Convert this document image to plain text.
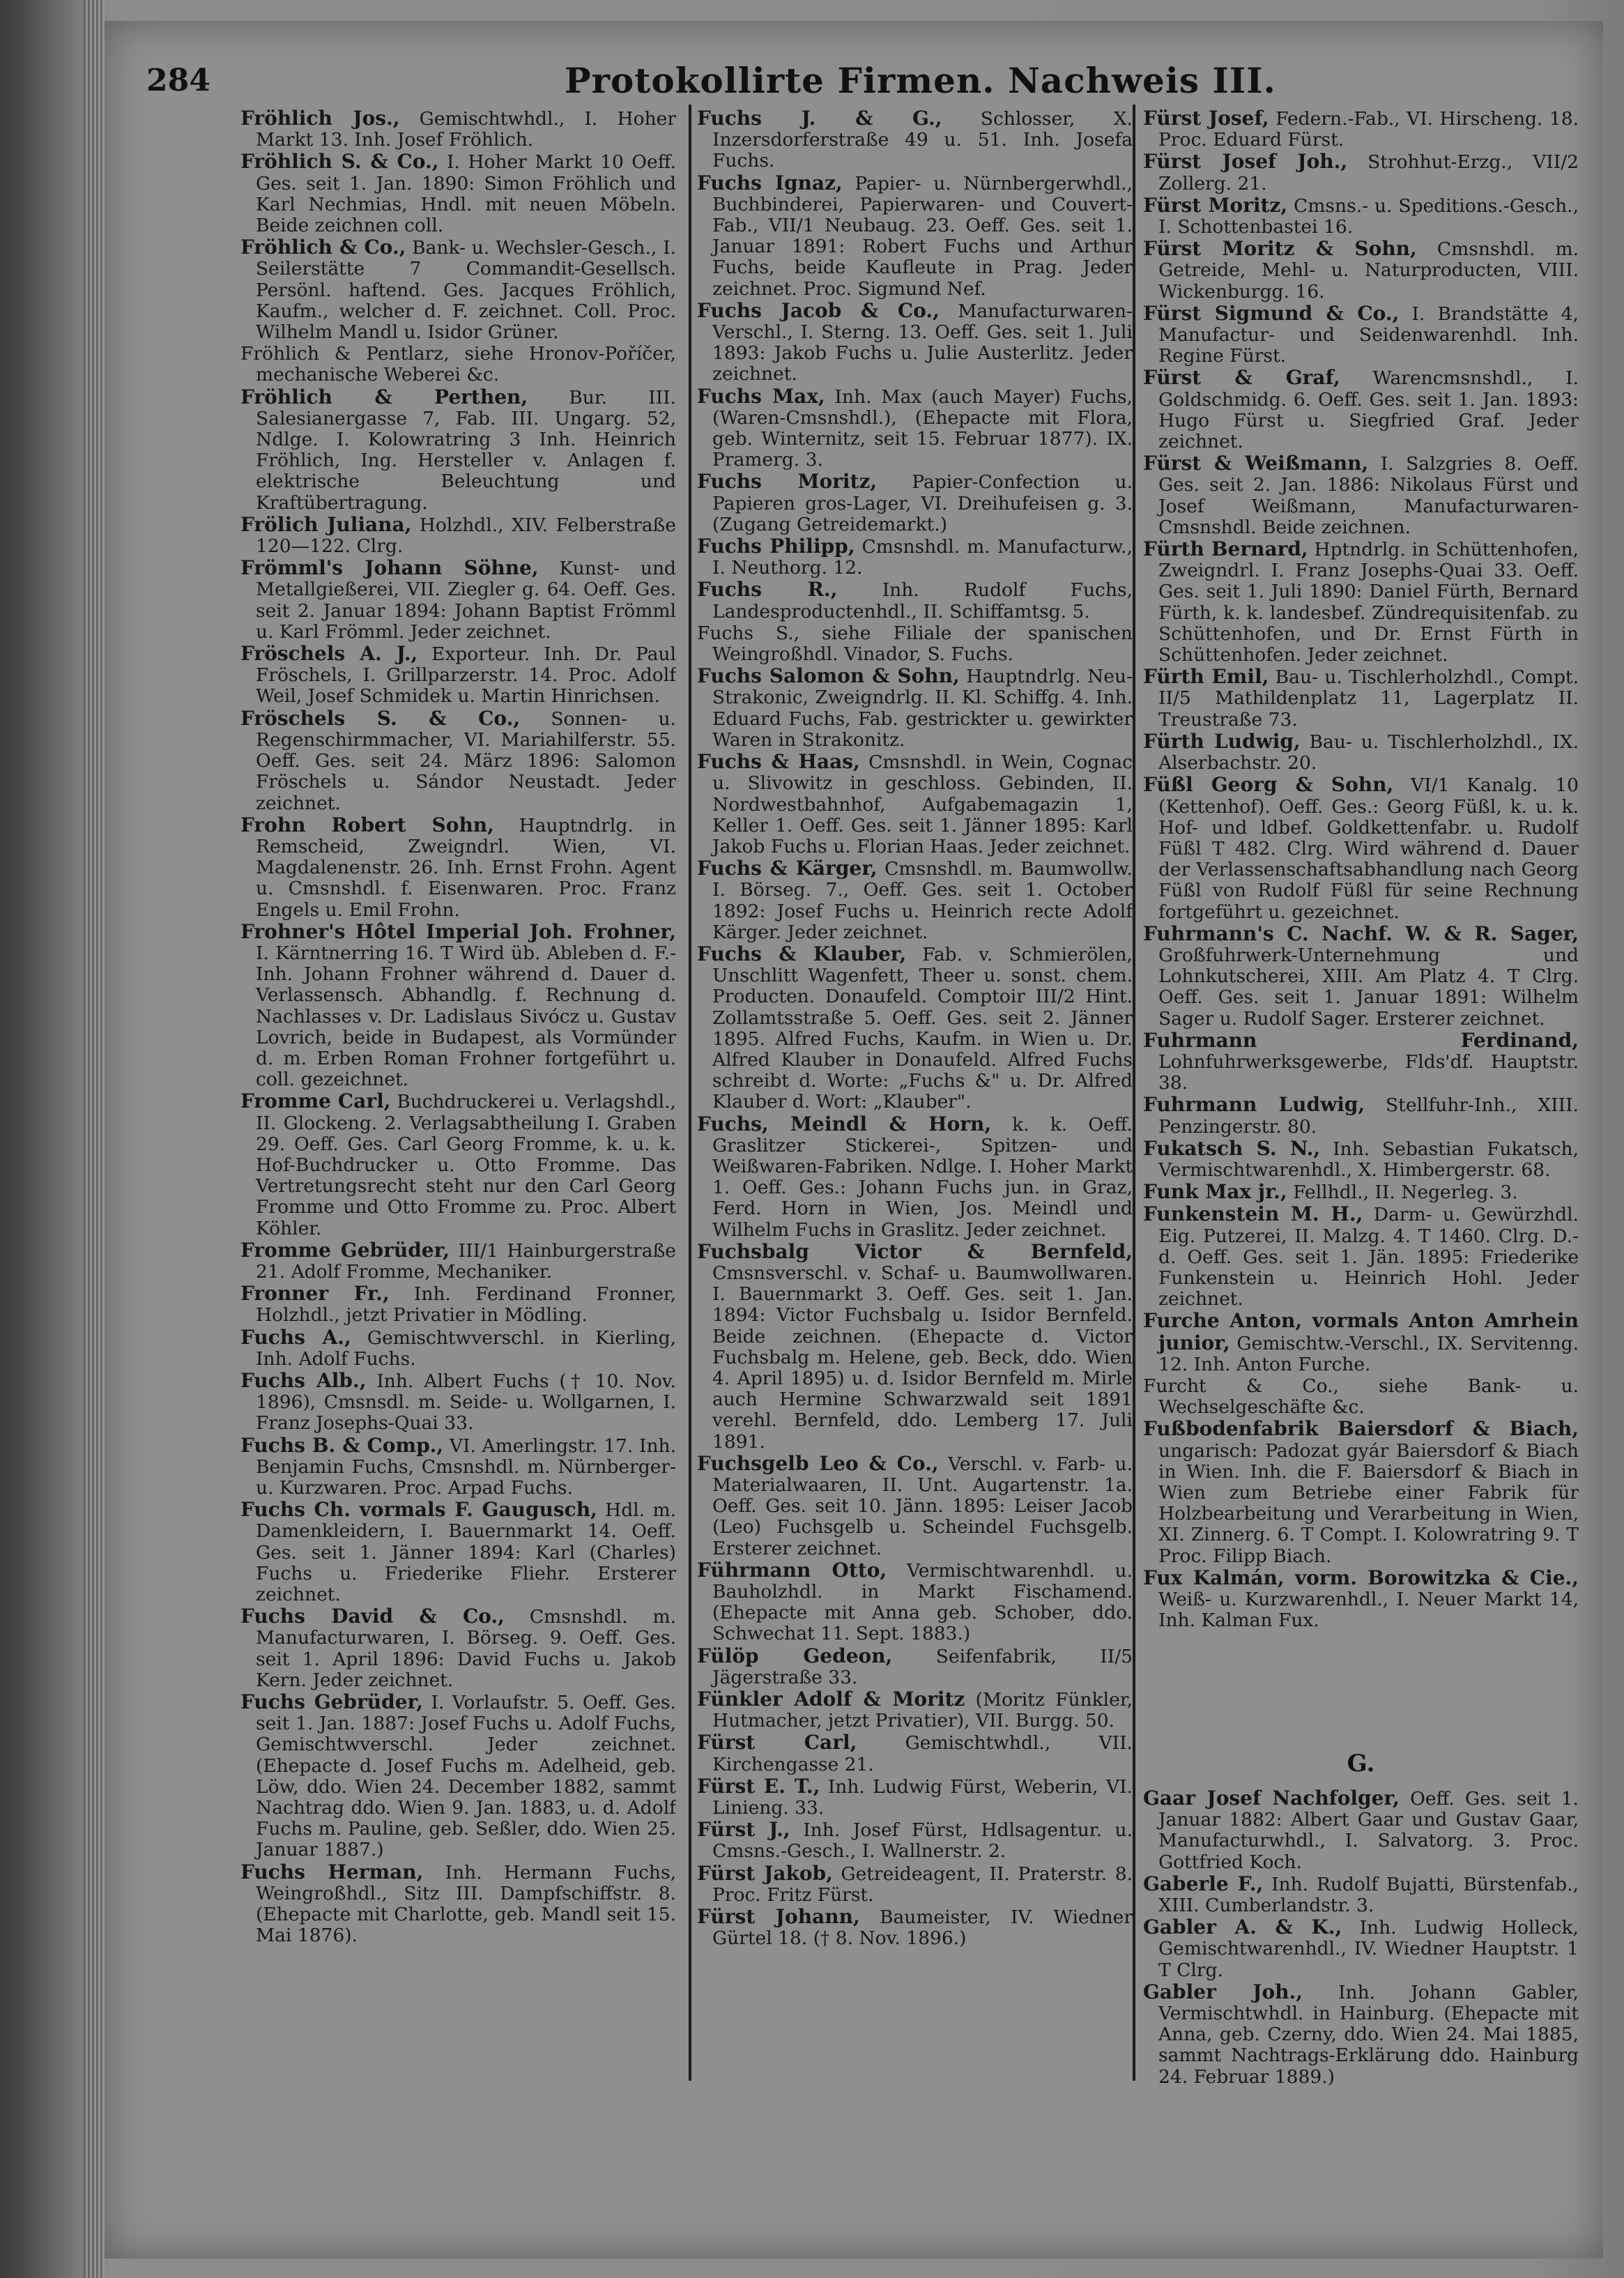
284	Protokollirte Firmen. Nachweis III.

Fröhlich Jos., Gemischtwhdl., I. Hoher Markt 13. Inh. Josef Fröhlich.

Fröhlich S. & Co., I. Hoher Markt 10 Oeff. Ges. seit 1. Jan. 1890: Simon Fröhlich und Karl Nechmias, Hndl. mit neuen Möbeln. Beide zeichnen coll.

Fröhlich & Co., Bank- u. Wechsler-Gesch., I. Seilerstätte 7 Commandit-Gesellsch. Persönl. haftend. Ges. Jacques Fröhlich, Kaufm., welcher d. F. zeichnet. Coll. Proc. Wilhelm Mandl u. Isidor Grüner.

Fröhlich & Pentlarz, siehe Hronov-Poříčer, mechanische Weberei &c.

Fröhlich & Perthen, Bur. III. Salesianergasse 7, Fab. III. Ungarg. 52, Ndlge. I. Kolowratring 3 Inh. Heinrich Fröhlich, Ing. Hersteller v. Anlagen f. elektrische Beleuchtung und Kraftübertragung.

Frölich Juliana, Holzhdl., XIV. Felberstraße 120—122. Clrg.

Frömml's Johann Söhne, Kunst- und Metallgießerei, VII. Ziegler g. 64. Oeff. Ges. seit 2. Januar 1894: Johann Baptist Frömml u. Karl Frömml. Jeder zeichnet.

Fröschels A. J., Exporteur. Inh. Dr. Paul Fröschels, I. Grillparzerstr. 14. Proc. Adolf Weil, Josef Schmidek u. Martin Hinrichsen.

Fröschels S. & Co., Sonnen- u. Regenschirmmacher, VI. Mariahilferstr. 55. Oeff. Ges. seit 24. März 1896: Salomon Fröschels u. Sándor Neustadt. Jeder zeichnet.

Frohn Robert Sohn, Hauptndrlg. in Remscheid, Zweigndrl. Wien, VI. Magdalenenstr. 26. Inh. Ernst Frohn. Agent u. Cmsnshdl. f. Eisenwaren. Proc. Franz Engels u. Emil Frohn.

Frohner's Hôtel Imperial Joh. Frohner, I. Kärntnerring 16. T Wird üb. Ableben d. F.-Inh. Johann Frohner während d. Dauer d. Verlassensch. Abhandlg. f. Rechnung d. Nachlasses v. Dr. Ladislaus Sivócz u. Gustav Lovrich, beide in Budapest, als Vormünder d. m. Erben Roman Frohner fortgeführt u. coll. gezeichnet.

Fromme Carl, Buchdruckerei u. Verlagshdl., II. Glockeng. 2. Verlagsabtheilung I. Graben 29. Oeff. Ges. Carl Georg Fromme, k. u. k. Hof-Buchdrucker u. Otto Fromme. Das Vertretungsrecht steht nur den Carl Georg Fromme und Otto Fromme zu. Proc. Albert Köhler.

Fromme Gebrüder, III/1 Hainburgerstraße 21. Adolf Fromme, Mechaniker.

Fronner Fr., Inh. Ferdinand Fronner, Holzhdl., jetzt Privatier in Mödling.

Fuchs A., Gemischtwverschl. in Kierling, Inh. Adolf Fuchs.

Fuchs Alb., Inh. Albert Fuchs († 10. Nov. 1896), Cmsnsdl. m. Seide- u. Wollgarnen, I. Franz Josephs-Quai 33.

Fuchs B. & Comp., VI. Amerlingstr. 17. Inh. Benjamin Fuchs, Cmsnshdl. m. Nürnberger- u. Kurzwaren. Proc. Arpad Fuchs.

Fuchs Ch. vormals F. Gaugusch, Hdl. m. Damenkleidern, I. Bauernmarkt 14. Oeff. Ges. seit 1. Jänner 1894: Karl (Charles) Fuchs u. Friederike Fliehr. Ersterer zeichnet.

Fuchs David & Co., Cmsnshdl. m. Manufacturwaren, I. Börseg. 9. Oeff. Ges. seit 1. April 1896: David Fuchs u. Jakob Kern. Jeder zeichnet.

Fuchs Gebrüder, I. Vorlaufstr. 5. Oeff. Ges. seit 1. Jan. 1887: Josef Fuchs u. Adolf Fuchs, Gemischtwverschl. Jeder zeichnet. (Ehepacte d. Josef Fuchs m. Adelheid, geb. Löw, ddo. Wien 24. December 1882, sammt Nachtrag ddo. Wien 9. Jan. 1883, u. d. Adolf Fuchs m. Pauline, geb. Seßler, ddo. Wien 25. Januar 1887.)

Fuchs Herman, Inh. Hermann Fuchs, Weingroßhdl., Sitz III. Dampfschiffstr. 8. (Ehepacte mit Charlotte, geb. Mandl seit 15. Mai 1876).

Fuchs J. & G., Schlosser, X. Inzersdorferstraße 49 u. 51. Inh. Josefa Fuchs.

Fuchs Ignaz, Papier- u. Nürnbergerwhdl., Buchbinderei, Papierwaren- und Couvert-Fab., VII/1 Neubaug. 23. Oeff. Ges. seit 1. Januar 1891: Robert Fuchs und Arthur Fuchs, beide Kaufleute in Prag. Jeder zeichnet. Proc. Sigmund Nef.

Fuchs Jacob & Co., Manufacturwaren-Verschl., I. Sterng. 13. Oeff. Ges. seit 1. Juli 1893: Jakob Fuchs u. Julie Austerlitz. Jeder zeichnet.

Fuchs Max, Inh. Max (auch Mayer) Fuchs, (Waren-Cmsnshdl.), (Ehepacte mit Flora, geb. Winternitz, seit 15. Februar 1877). IX. Pramerg. 3.

Fuchs Moritz, Papier-Confection u. Papieren gros-Lager, VI. Dreihufeisen g. 3. (Zugang Getreidemarkt.)

Fuchs Philipp, Cmsnshdl. m. Manufacturw., I. Neuthorg. 12.

Fuchs R., Inh. Rudolf Fuchs, Landesproductenhdl., II. Schiffamtsg. 5.

Fuchs S., siehe Filiale der spanischen Weingroßhdl. Vinador, S. Fuchs.

Fuchs Salomon & Sohn, Hauptndrlg. Neu-Strakonic, Zweigndrlg. II. Kl. Schiffg. 4. Inh. Eduard Fuchs, Fab. gestrickter u. gewirkter Waren in Strakonitz.

Fuchs & Haas, Cmsnshdl. in Wein, Cognac u. Slivowitz in geschloss. Gebinden, II. Nordwestbahnhof, Aufgabemagazin 1, Keller 1. Oeff. Ges. seit 1. Jänner 1895: Karl Jakob Fuchs u. Florian Haas. Jeder zeichnet.

Fuchs & Kärger, Cmsnshdl. m. Baumwollw. I. Börseg. 7., Oeff. Ges. seit 1. October 1892: Josef Fuchs u. Heinrich recte Adolf Kärger. Jeder zeichnet.

Fuchs & Klauber, Fab. v. Schmierölen, Unschlitt Wagenfett, Theer u. sonst. chem. Producten. Donaufeld. Comptoir III/2 Hint. Zollamtsstraße 5. Oeff. Ges. seit 2. Jänner 1895. Alfred Fuchs, Kaufm. in Wien u. Dr. Alfred Klauber in Donaufeld. Alfred Fuchs schreibt d. Worte: „Fuchs &" u. Dr. Alfred Klauber d. Wort: „Klauber".

Fuchs, Meindl & Horn, k. k. Oeff. Graslitzer Stickerei-, Spitzen- und Weißwaren-Fabriken. Ndlge. I. Hoher Markt 1. Oeff. Ges.: Johann Fuchs jun. in Graz, Ferd. Horn in Wien, Jos. Meindl und Wilhelm Fuchs in Graslitz. Jeder zeichnet.

Fuchsbalg Victor & Bernfeld, Cmsnsverschl. v. Schaf- u. Baumwollwaren. I. Bauernmarkt 3. Oeff. Ges. seit 1. Jan. 1894: Victor Fuchsbalg u. Isidor Bernfeld. Beide zeichnen. (Ehepacte d. Victor Fuchsbalg m. Helene, geb. Beck, ddo. Wien 4. April 1895) u. d. Isidor Bernfeld m. Mirle auch Hermine Schwarzwald seit 1891 verehl. Bernfeld, ddo. Lemberg 17. Juli 1891.

Fuchsgelb Leo & Co., Verschl. v. Farb- u. Materialwaaren, II. Unt. Augartenstr. 1a. Oeff. Ges. seit 10. Jänn. 1895: Leiser Jacob (Leo) Fuchsgelb u. Scheindel Fuchsgelb. Ersterer zeichnet.

Führmann Otto, Vermischtwarenhdl. u. Bauholzhdl. in Markt Fischamend. (Ehepacte mit Anna geb. Schober, ddo. Schwechat 11. Sept. 1883.)

Fülöp Gedeon, Seifenfabrik, II/5 Jägerstraße 33.

Fünkler Adolf & Moritz (Moritz Fünkler, Hutmacher, jetzt Privatier), VII. Burgg. 50.

Fürst Carl,	Gemischtwhdl., VII. Kirchengasse 21.

Fürst E. T., Inh. Ludwig Fürst, Weberin, VI. Linieng. 33.

Fürst J., Inh. Josef Fürst, Hdlsagentur. u. Cmsns.-Gesch., I. Wallnerstr. 2.

Fürst Jakob, Getreideagent, II. Praterstr. 8. Proc. Fritz Fürst.

Fürst Johann, Baumeister, IV. Wiedner Gürtel 18. († 8. Nov. 1896.)

Fürst Josef, Federn.-Fab., VI. Hirscheng. 18. Proc. Eduard Fürst.

Fürst Josef Joh., Strohhut-Erzg., VII/2 Zollerg. 21.

Fürst Moritz, Cmsns.- u. Speditions.-Gesch., I. Schottenbastei 16.

Fürst Moritz & Sohn, Cmsnshdl. m. Getreide, Mehl- u. Naturproducten, VIII. Wickenburgg. 16.

Fürst Sigmund & Co., I. Brandstätte 4, Manufactur- und Seidenwarenhdl. Inh. Regine Fürst.

Fürst & Graf, Warencmsnshdl., I. Goldschmidg. 6. Oeff. Ges. seit 1. Jan. 1893: Hugo Fürst u. Siegfried Graf. Jeder zeichnet.

Fürst & Weißmann, I. Salzgries 8. Oeff. Ges. seit 2. Jan. 1886: Nikolaus Fürst und Josef Weißmann, Manufacturwaren-Cmsnshdl. Beide zeichnen.

Fürth Bernard, Hptndrlg. in Schüttenhofen, Zweigndrl. I. Franz Josephs-Quai 33. Oeff. Ges. seit 1. Juli 1890: Daniel Fürth, Bernard Fürth, k. k. landesbef. Zündrequisitenfab. zu Schüttenhofen, und Dr. Ernst Fürth in Schüttenhofen. Jeder zeichnet.

Fürth Emil, Bau- u. Tischlerholzhdl., Compt. II/5 Mathildenplatz 11, Lagerplatz II. Treustraße 73.

Fürth Ludwig, Bau- u. Tischlerholzhdl., IX. Alserbachstr. 20.

Füßl Georg & Sohn, VI/1 Kanalg. 10 (Kettenhof). Oeff. Ges.: Georg Füßl, k. u. k. Hof- und ldbef. Goldkettenfabr. u. Rudolf Füßl T 482. Clrg. Wird während d. Dauer der Verlassenschaftsabhandlung nach Georg Füßl von Rudolf Füßl für seine Rechnung fortgeführt u. gezeichnet.

Fuhrmann's C. Nachf. W. & R. Sager, Großfuhrwerk-Unternehmung und Lohnkutscherei, XIII. Am Platz 4. T Clrg. Oeff. Ges. seit 1. Januar 1891: Wilhelm Sager u. Rudolf Sager. Ersterer zeichnet.

Fuhrmann Ferdinand, Lohnfuhrwerksgewerbe, Flds'df. Hauptstr. 38.

Fuhrmann Ludwig, Stellfuhr-Inh., XIII. Penzingerstr. 80.

Fukatsch S. N., Inh. Sebastian Fukatsch, Vermischtwarenhdl., X. Himbergerstr. 68.

Funk Max jr., Fellhdl., II. Negerleg. 3.

Funkenstein M. H., Darm- u. Gewürzhdl. Eig. Putzerei, II. Malzg. 4. T 1460. Clrg. D.-d. Oeff. Ges. seit 1. Jän. 1895: Friederike Funkenstein u. Heinrich Hohl. Jeder zeichnet.

Furche Anton, vormals Anton Amrhein junior, Gemischtw.-Verschl., IX. Servitenng. 12. Inh. Anton Furche.

Furcht & Co., siehe Bank- u. Wechselgeschäfte &c.

Fußbodenfabrik Baiersdorf & Biach, ungarisch: Padozat gyár Baiersdorf & Biach in Wien. Inh. die F. Baiersdorf & Biach in Wien zum Betriebe einer Fabrik für Holzbearbeitung und Verarbeitung in Wien, XI. Zinnerg. 6. T Compt. I. Kolowratring 9. T Proc. Filipp Biach.

Fux Kalmán, vorm. Borowitzka & Cie., Weiß- u. Kurzwarenhdl., I. Neuer Markt 14, Inh. Kalman Fux.

G.

Gaar Josef Nachfolger, Oeff. Ges. seit 1. Januar 1882: Albert Gaar und Gustav Gaar, Manufacturwhdl., I. Salvatorg. 3. Proc. Gottfried Koch.

Gaberle F., Inh. Rudolf Bujatti, Bürstenfab., XIII. Cumberlandstr. 3.

Gabler A. & K., Inh. Ludwig Holleck, Gemischtwarenhdl., IV. Wiedner Hauptstr. 1 T Clrg.

Gabler Joh., Inh. Johann Gabler, Vermischtwhdl. in Hainburg. (Ehepacte mit Anna, geb. Czerny, ddo. Wien 24. Mai 1885, sammt Nachtrags-Erklärung ddo. Hainburg 24. Februar 1889.)
